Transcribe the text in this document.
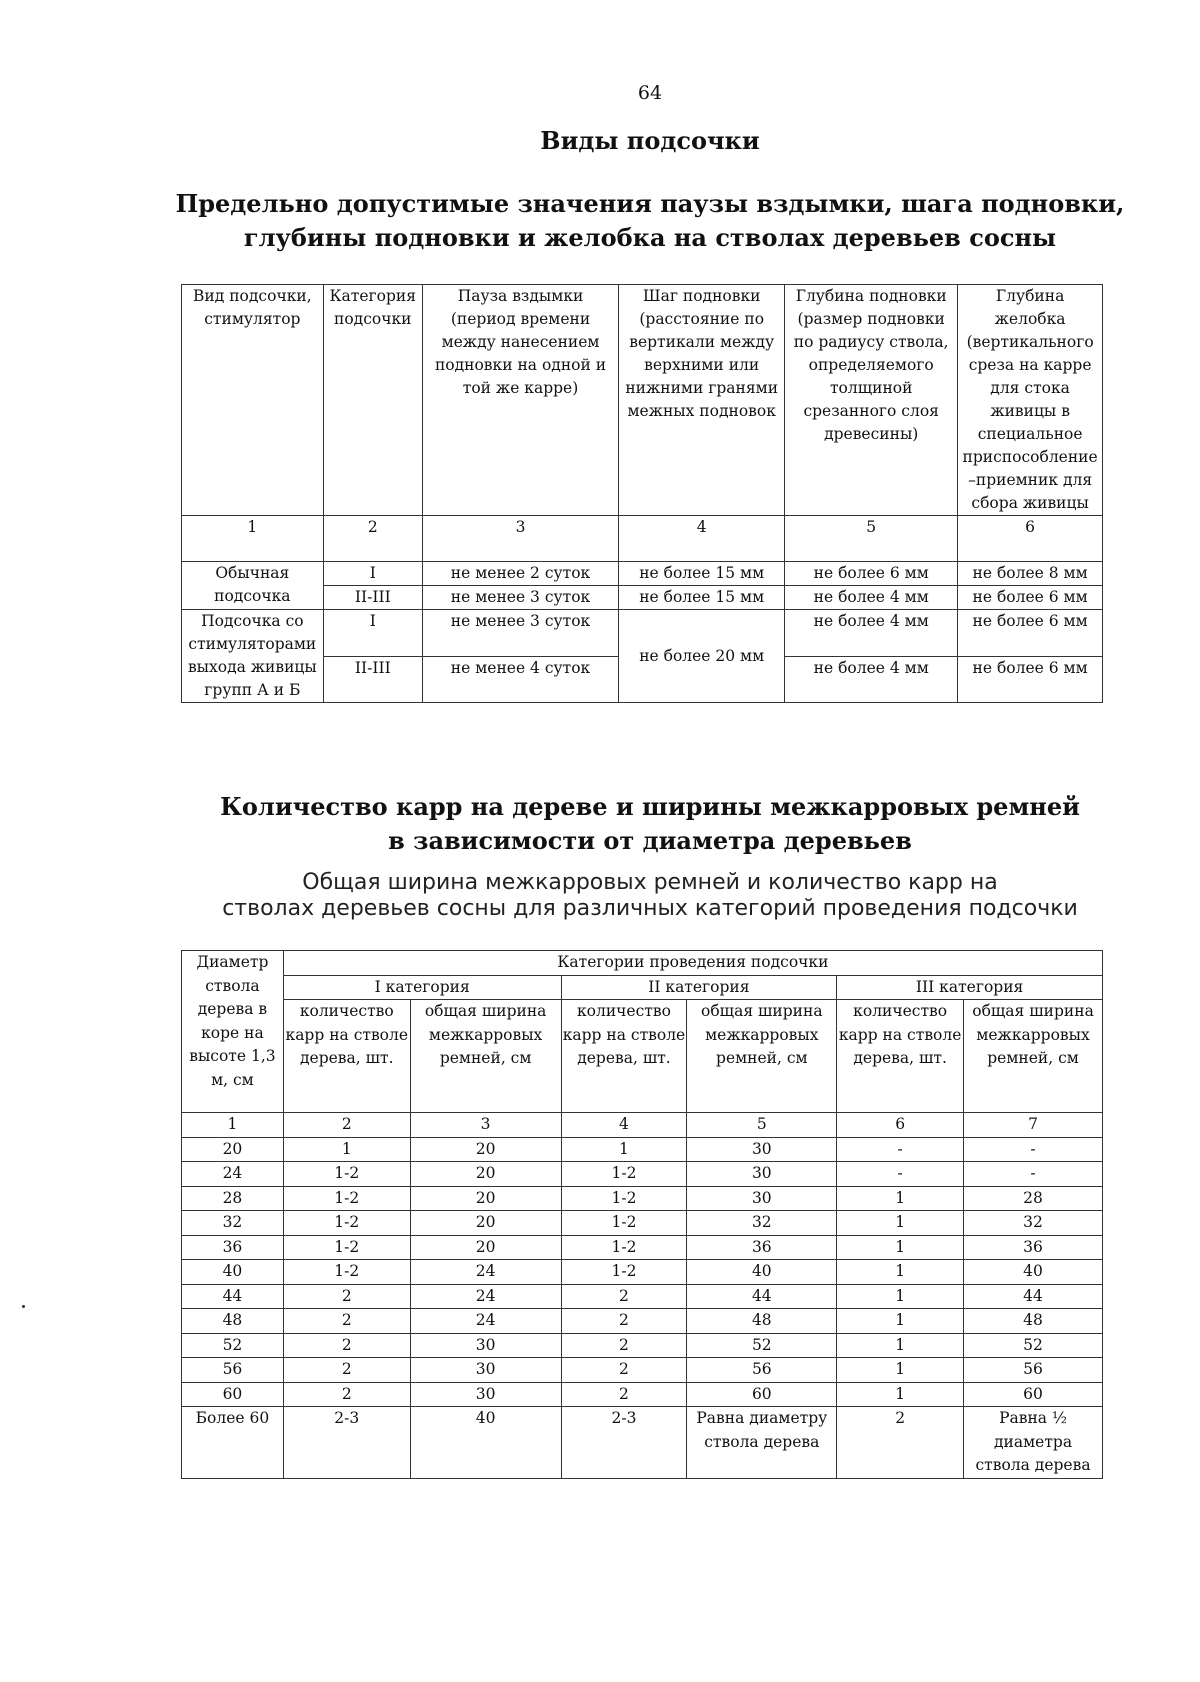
64
Виды подсочки
Предельно допустимые значения паузы вздымки, шага подновки,
глубины подновки и желобка на стволах деревьев сосны
Вид подсочки, стимулятор	Категория подсочки	Пауза вздымки (период времени между нанесением подновки на одной и той же карре)	Шаг подновки (расстояние по вертикали между верхними или нижними гранями межных подновок	Глубина подновки (размер подновки по радиусу ствола, определяемого толщиной срезанного слоя древесины)	Глубина желобка (вертикального среза на карре для стока живицы в специальное приспособление –приемник для сбора живицы
1	2	3	4	5	6
Обычная подсочка	I	не менее 2 суток	не более 15 мм	не более 6 мм	не более 8 мм
	II-III	не менее 3 суток	не более 15 мм	не более 4 мм	не более 6 мм
Подсочка со стимуляторами выхода живицы групп А и Б	I	не менее 3 суток	не более 20 мм	не более 4 мм	не более 6 мм
	II-III	не менее 4 суток		не более 4 мм	не более 6 мм
Количество карр на дереве и ширины межкарровых ремней
в зависимости от диаметра деревьев
Общая ширина межкарровых ремней и количество карр на
стволах деревьев сосны для различных категорий проведения подсочки
Диаметр ствола дерева в коре на высоте 1,3 м, см	Категории проведения подсочки					
	I категория		II категория		III категория	
	количество карр на стволе дерева, шт.	общая ширина межкарровых ремней, см	количество карр на стволе дерева, шт.	общая ширина межкарровых ремней, см	количество карр на стволе дерева, шт.	общая ширина межкарровых ремней, см
1	2	3	4	5	6	7
20	1	20	1	30	-	-
24	1-2	20	1-2	30	-	-
28	1-2	20	1-2	30	1	28
32	1-2	20	1-2	32	1	32
36	1-2	20	1-2	36	1	36
40	1-2	24	1-2	40	1	40
44	2	24	2	44	1	44
48	2	24	2	48	1	48
52	2	30	2	52	1	52
56	2	30	2	56	1	56
60	2	30	2	60	1	60
Более 60	2-3	40	2-3	Равна диаметру ствола дерева	2	Равна ½ диаметра ствола дерева
